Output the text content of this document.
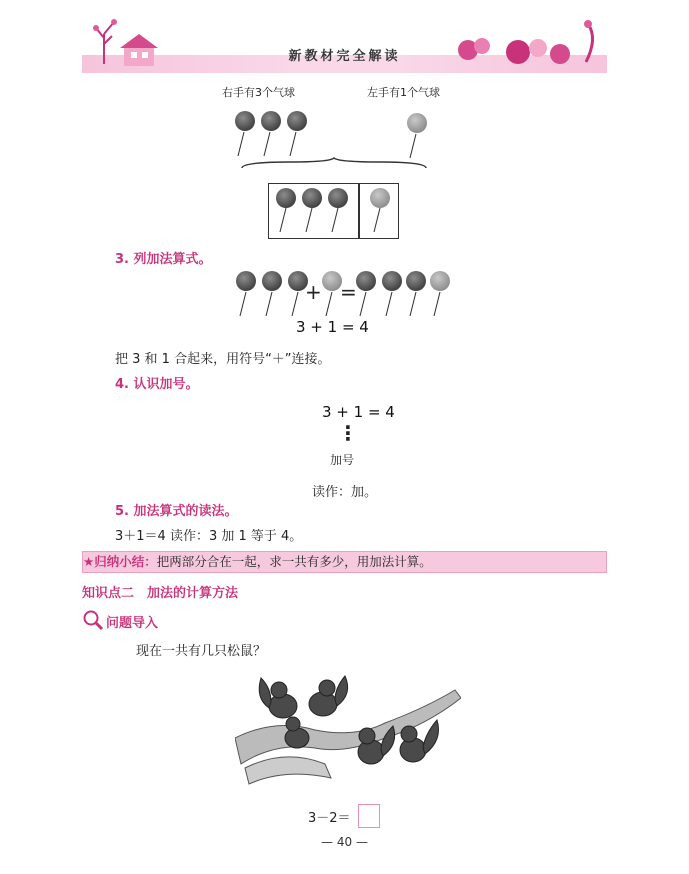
新教材完全解读
右手有3个气球	左手有1个气球
3. 列加法算式。
+ =
3 + 1 = 4
把 3 和 1 合起来，用符号“＋”连接。
4. 认识加号。
3 + 1 = 4
⋮
加号
读作：加。
5. 加法算式的读法。
3＋1＝4 读作：3 加 1 等于 4。
★归纳小结：把两部分合在一起，求一共有多少，用加法计算。
知识点二　加法的计算方法
问题导入
现在一共有几只松鼠？
3－2＝
— 40 —
